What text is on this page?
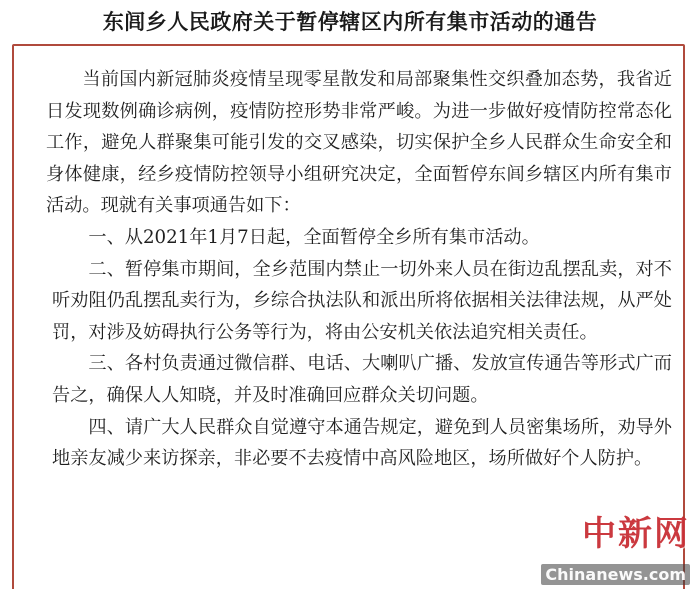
东闾乡人民政府关于暂停辖区内所有集市活动的通告

当前国内新冠肺炎疫情呈现零星散发和局部聚集性交织叠加态势，我省近日发现数例确诊病例，疫情防控形势非常严峻。为进一步做好疫情防控常态化工作，避免人群聚集可能引发的交叉感染，切实保护全乡人民群众生命安全和身体健康，经乡疫情防控领导小组研究决定，全面暂停东闾乡辖区内所有集市活动。现就有关事项通告如下：

一、从2021年1月7日起，全面暂停全乡所有集市活动。

二、暂停集市期间，全乡范围内禁止一切外来人员在街边乱摆乱卖，对不听劝阻仍乱摆乱卖行为，乡综合执法队和派出所将依据相关法律法规，从严处罚，对涉及妨碍执行公务等行为，将由公安机关依法追究相关责任。

三、各村负责通过微信群、电话、大喇叭广播、发放宣传通告等形式广而告之，确保人人知晓，并及时准确回应群众关切问题。

四、请广大人民群众自觉遵守本通告规定，避免到人员密集场所，劝导外地亲友减少来访探亲，非必要不去疫情中高风险地区，场所做好个人防护。

中新网
Chinanews.com
